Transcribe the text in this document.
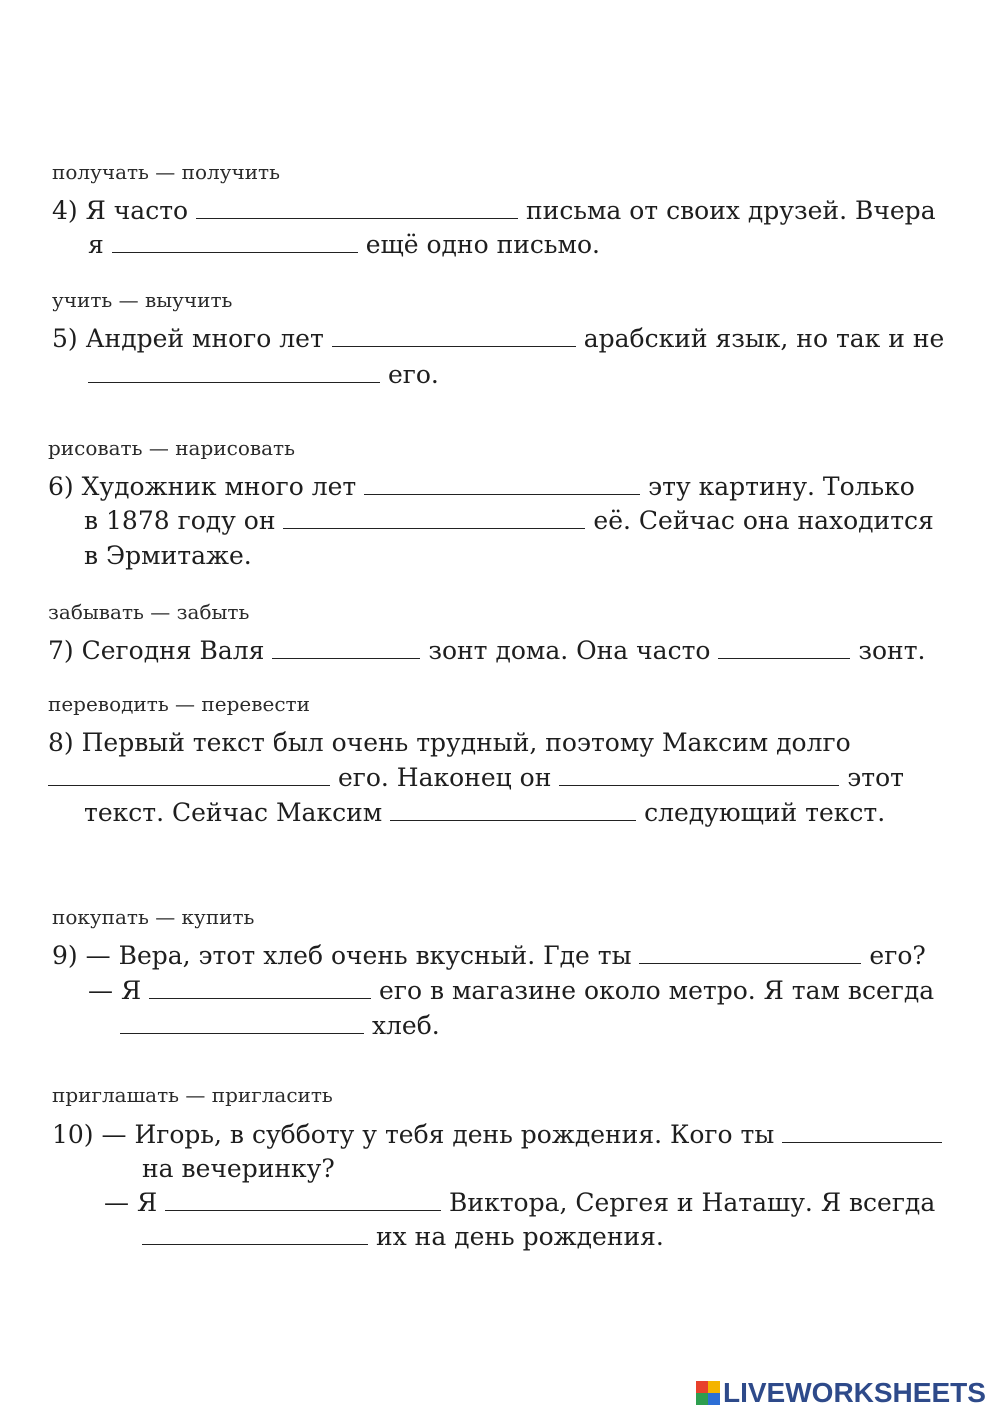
получать — получить
4) Я часто	письма от своих друзей. Вчера
я	ещё одно письмо.
учить — выучить
5) Андрей много лет	арабский язык, но так и не
его.
рисовать — нарисовать
6) Художник много лет	эту картину. Только
в 1878 году он	её. Сейчас она находится
в Эрмитаже.
забывать — забыть
7) Сегодня Валя	зонт дома. Она часто	зонт.
переводить — перевести
8) Первый текст был очень трудный, поэтому Максим долго
его. Наконец он	этот
текст. Сейчас Максим	следующий текст.
покупать — купить
9) — Вера, этот хлеб очень вкусный. Где ты	его?
— Я	его в магазине около метро. Я там всегда
хлеб.
приглашать — пригласить
10) — Игорь, в субботу у тебя день рождения. Кого ты
на вечеринку?
— Я	Виктора, Сергея и Наташу. Я всегда
их на день рождения.
LIVEWORKSHEETS
